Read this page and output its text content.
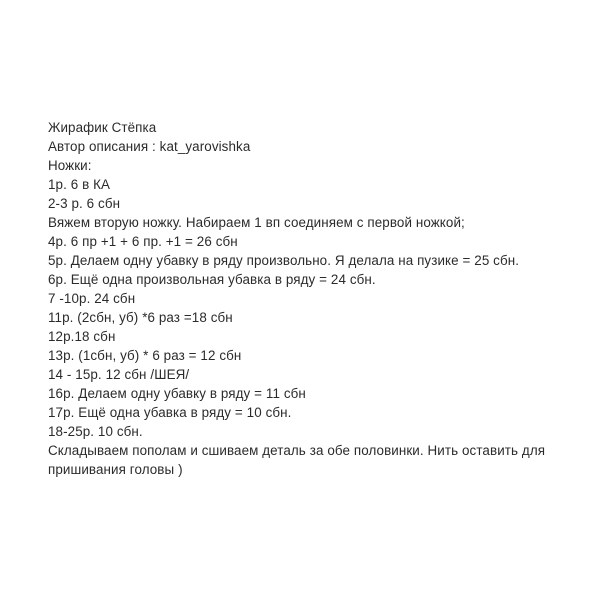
Жирафик Стёпка
Автор описания : kat_yarovishka
Ножки:
1р. 6 в КА
2-3 р. 6 сбн
Вяжем вторую ножку. Набираем 1 вп соединяем с первой ножкой;
4р. 6 пр +1 + 6 пр. +1 = 26 сбн
5р. Делаем одну убавку в ряду произвольно. Я делала на пузике = 25 сбн.
6р. Ещё одна произвольная убавка в ряду = 24 сбн.
7 -10р. 24 сбн
11р. (2сбн, уб) *6 раз =18 сбн
12р.18 сбн
13р. (1сбн, уб) * 6 раз = 12 сбн
14 - 15р. 12 сбн /ШЕЯ/
16р. Делаем одну убавку в ряду = 11 сбн
17р. Ещё одна убавка в ряду = 10 сбн.
18-25р. 10 сбн.
Складываем пополам и сшиваем деталь за обе половинки. Нить оставить для пришивания головы )
